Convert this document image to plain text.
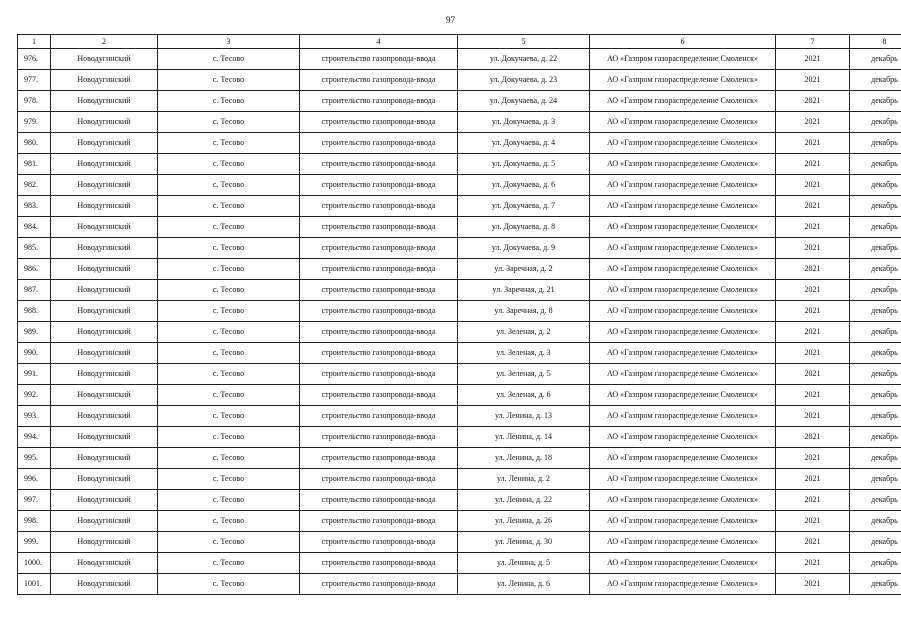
97
1	2	3	4	5	6	7	8
976.	Новодугинский	с. Тесово	строительство газопровода-ввода	ул. Докучаева, д. 22	АО «Газпром газораспределение Смоленск»	2021	декабрь
977.	Новодугинский	с. Тесово	строительство газопровода-ввода	ул. Докучаева, д. 23	АО «Газпром газораспределение Смоленск»	2021	декабрь
978.	Новодугинский	с. Тесово	строительство газопровода-ввода	ул. Докучаева, д. 24	АО «Газпром газораспределение Смоленск»	2021	декабрь
979.	Новодугинский	с. Тесово	строительство газопровода-ввода	ул. Докучаева, д. 3	АО «Газпром газораспределение Смоленск»	2021	декабрь
980.	Новодугинский	с. Тесово	строительство газопровода-ввода	ул. Докучаева, д. 4	АО «Газпром газораспределение Смоленск»	2021	декабрь
981.	Новодугинский	с. Тесово	строительство газопровода-ввода	ул. Докучаева, д. 5	АО «Газпром газораспределение Смоленск»	2021	декабрь
982.	Новодугинский	с. Тесово	строительство газопровода-ввода	ул. Докучаева, д. 6	АО «Газпром газораспределение Смоленск»	2021	декабрь
983.	Новодугинский	с. Тесово	строительство газопровода-ввода	ул. Докучаева, д. 7	АО «Газпром газораспределение Смоленск»	2021	декабрь
984.	Новодугинский	с. Тесово	строительство газопровода-ввода	ул. Докучаева, д. 8	АО «Газпром газораспределение Смоленск»	2021	декабрь
985.	Новодугинский	с. Тесово	строительство газопровода-ввода	ул. Докучаева, д. 9	АО «Газпром газораспределение Смоленск»	2021	декабрь
986.	Новодугинский	с. Тесово	строительство газопровода-ввода	ул. Заречная, д. 2	АО «Газпром газораспределение Смоленск»	2021	декабрь
987.	Новодугинский	с. Тесово	строительство газопровода-ввода	ул. Заречная, д. 21	АО «Газпром газораспределение Смоленск»	2021	декабрь
988.	Новодугинский	с. Тесово	строительство газопровода-ввода	ул. Заречная, д. 8	АО «Газпром газораспределение Смоленск»	2021	декабрь
989.	Новодугинский	с. Тесово	строительство газопровода-ввода	ул. Зеленая, д. 2	АО «Газпром газораспределение Смоленск»	2021	декабрь
990.	Новодугинский	с. Тесово	строительство газопровода-ввода	ул. Зеленая, д. 3	АО «Газпром газораспределение Смоленск»	2021	декабрь
991.	Новодугинский	с. Тесово	строительство газопровода-ввода	ул. Зеленая, д. 5	АО «Газпром газораспределение Смоленск»	2021	декабрь
992.	Новодугинский	с. Тесово	строительство газопровода-ввода	ул. Зеленая, д. 6	АО «Газпром газораспределение Смоленск»	2021	декабрь
993.	Новодугинский	с. Тесово	строительство газопровода-ввода	ул. Ленина, д. 13	АО «Газпром газораспределение Смоленск»	2021	декабрь
994.	Новодугинский	с. Тесово	строительство газопровода-ввода	ул. Ленина, д. 14	АО «Газпром газораспределение Смоленск»	2021	декабрь
995.	Новодугинский	с. Тесово	строительство газопровода-ввода	ул. Ленина, д. 18	АО «Газпром газораспределение Смоленск»	2021	декабрь
996.	Новодугинский	с. Тесово	строительство газопровода-ввода	ул. Ленина, д. 2	АО «Газпром газораспределение Смоленск»	2021	декабрь
997.	Новодугинский	с. Тесово	строительство газопровода-ввода	ул. Ленина, д. 22	АО «Газпром газораспределение Смоленск»	2021	декабрь
998.	Новодугинский	с. Тесово	строительство газопровода-ввода	ул. Ленина, д. 26	АО «Газпром газораспределение Смоленск»	2021	декабрь
999.	Новодугинский	с. Тесово	строительство газопровода-ввода	ул. Ленина, д. 30	АО «Газпром газораспределение Смоленск»	2021	декабрь
1000.	Новодугинский	с. Тесово	строительство газопровода-ввода	ул. Ленина, д. 5	АО «Газпром газораспределение Смоленск»	2021	декабрь
1001.	Новодугинский	с. Тесово	строительство газопровода-ввода	ул. Ленина, д. 6	АО «Газпром газораспределение Смоленск»	2021	декабрь
